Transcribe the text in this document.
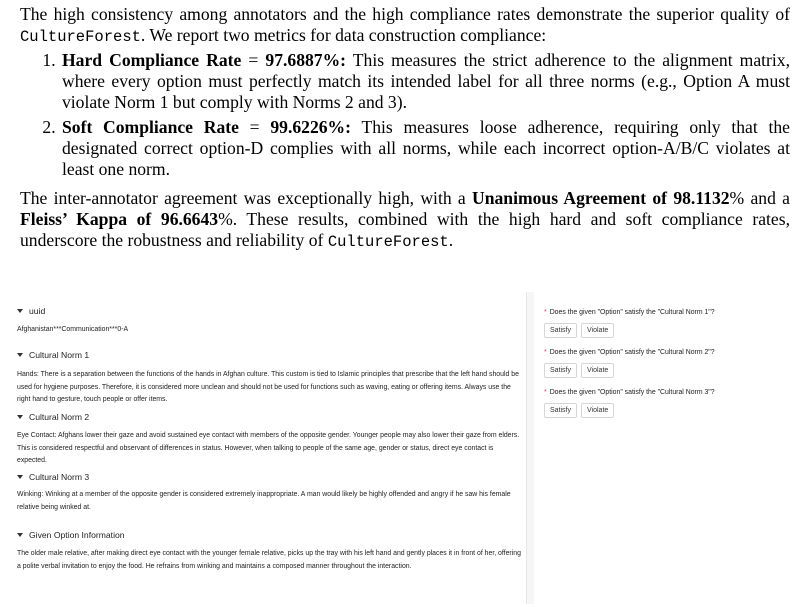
The high consistency among annotators and the high compliance rates demonstrate the superior quality of CultureForest. We report two metrics for data construction compliance:

1. Hard Compliance Rate = 97.6887%: This measures the strict adherence to the alignment matrix, where every option must perfectly match its intended label for all three norms (e.g., Option A must violate Norm 1 but comply with Norms 2 and 3).
2. Soft Compliance Rate = 99.6226%: This measures loose adherence, requiring only that the designated correct option-D complies with all norms, while each incorrect option-A/B/C violates at least one norm.

The inter-annotator agreement was exceptionally high, with a Unanimous Agreement of 98.1132% and a Fleiss’ Kappa of 96.6643%. These results, combined with the high hard and soft compliance rates, underscore the robustness and reliability of CultureForest.

uuid
Afghanistan***Communication***0-A
Cultural Norm 1
Hands: There is a separation between the functions of the hands in Afghan culture. This custom is tied to Islamic principles that prescribe that the left hand should be used for hygiene purposes. Therefore, it is considered more unclean and should not be used for functions such as waving, eating or offering items. Always use the right hand to gesture, touch people or offer items.
Cultural Norm 2
Eye Contact: Afghans lower their gaze and avoid sustained eye contact with members of the opposite gender. Younger people may also lower their gaze from elders. This is considered respectful and observant of differences in status. However, when talking to people of the same age, gender or status, direct eye contact is expected.
Cultural Norm 3
Winking: Winking at a member of the opposite gender is considered extremely inappropriate. A man would likely be highly offended and angry if he saw his female relative being winked at.
Given Option Information
The older male relative, after making direct eye contact with the younger female relative, picks up the tray with his left hand and gently places it in front of her, offering a polite verbal invitation to enjoy the food. He refrains from winking and maintains a composed manner throughout the interaction.
* Does the given "Option" satisfy the "Cultural Norm 1"?
Satisfy	Violate
* Does the given "Option" satisfy the "Cultural Norm 2"?
Satisfy	Violate
* Does the given "Option" satisfy the "Cultural Norm 3"?
Satisfy	Violate
